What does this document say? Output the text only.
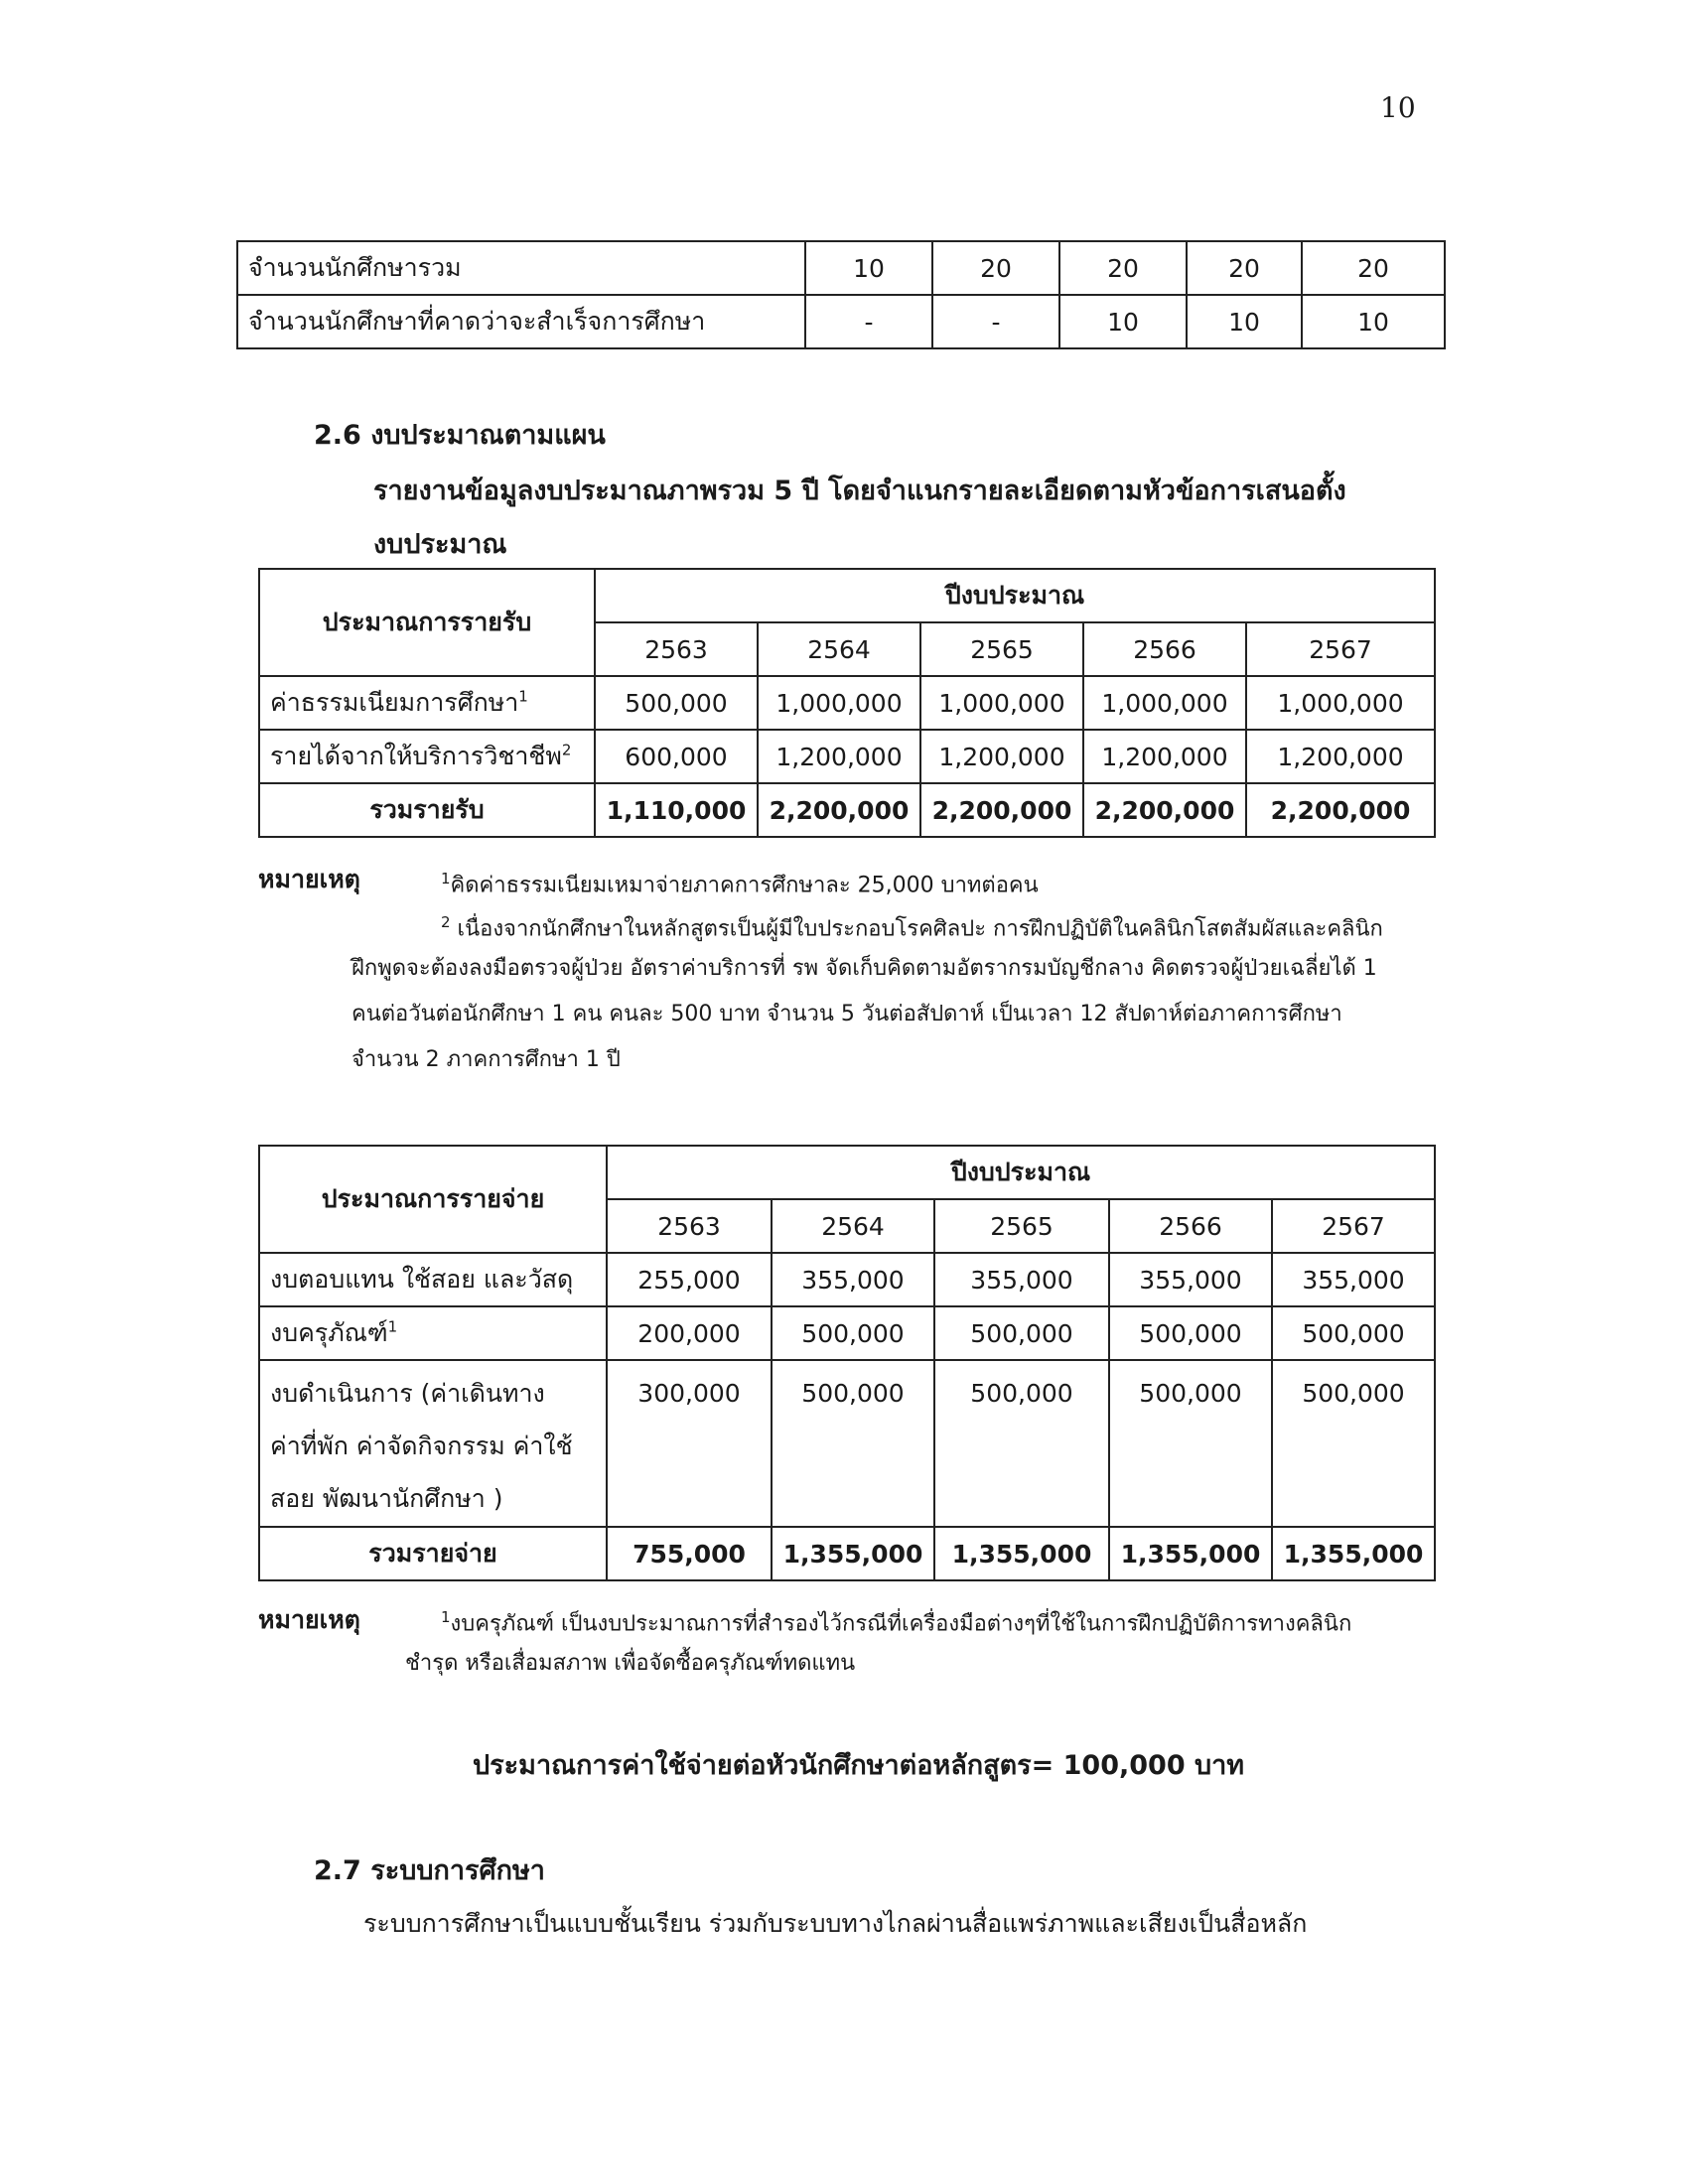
10
จำนวนนักศึกษารวม	10	20	20	20	20
จำนวนนักศึกษาที่คาดว่าจะสำเร็จการศึกษา	-	-	10	10	10
2.6 งบประมาณตามแผน
รายงานข้อมูลงบประมาณภาพรวม 5 ปี โดยจำแนกรายละเอียดตามหัวข้อการเสนอตั้ง
งบประมาณ
ประมาณการรายรับ	ปีงบประมาณ				
	2563	2564	2565	2566	2567
ค่าธรรมเนียมการศึกษา$^1$	500,000	1,000,000	1,000,000	1,000,000	1,000,000
รายได้จากให้บริการวิชาชีพ$^2$	600,000	1,200,000	1,200,000	1,200,000	1,200,000
รวมรายรับ	1,110,000	2,200,000	2,200,000	2,200,000	2,200,000
หมายเหตุ	$^1$คิดค่าธรรมเนียมเหมาจ่ายภาคการศึกษาละ 25,000 บาทต่อคน
$^2$ เนื่องจากนักศึกษาในหลักสูตรเป็นผู้มีใบประกอบโรคศิลปะ การฝึกปฏิบัติในคลินิกโสตสัมผัสและคลินิก
ฝึกพูดจะต้องลงมือตรวจผู้ป่วย อัตราค่าบริการที่ รพ จัดเก็บคิดตามอัตรากรมบัญชีกลาง คิดตรวจผู้ป่วยเฉลี่ยได้ 1
คนต่อวันต่อนักศึกษา 1 คน คนละ 500 บาท จำนวน 5 วันต่อสัปดาห์ เป็นเวลา 12 สัปดาห์ต่อภาคการศึกษา
จำนวน 2 ภาคการศึกษา 1 ปี
ประมาณการรายจ่าย	ปีงบประมาณ				
	2563	2564	2565	2566	2567
งบตอบแทน ใช้สอย และวัสดุ	255,000	355,000	355,000	355,000	355,000
งบครุภัณฑ์$^1$	200,000	500,000	500,000	500,000	500,000

งบดำเนินการ (ค่าเดินทาง
ค่าที่พัก ค่าจัดกิจกรรม ค่าใช้
สอย พัฒนานักศึกษา )	300,000	500,000	500,000	500,000	500,000
รวมรายจ่าย	755,000	1,355,000	1,355,000	1,355,000	1,355,000
หมายเหตุ	$^1$งบครุภัณฑ์ เป็นงบประมาณการที่สำรองไว้กรณีที่เครื่องมือต่างๆที่ใช้ในการฝึกปฏิบัติการทางคลินิก
ชำรุด หรือเสื่อมสภาพ เพื่อจัดซื้อครุภัณฑ์ทดแทน
ประมาณการค่าใช้จ่ายต่อหัวนักศึกษาต่อหลักสูตร= 100,000 บาท
2.7 ระบบการศึกษา
ระบบการศึกษาเป็นแบบชั้นเรียน ร่วมกับระบบทางไกลผ่านสื่อแพร่ภาพและเสียงเป็นสื่อหลัก
